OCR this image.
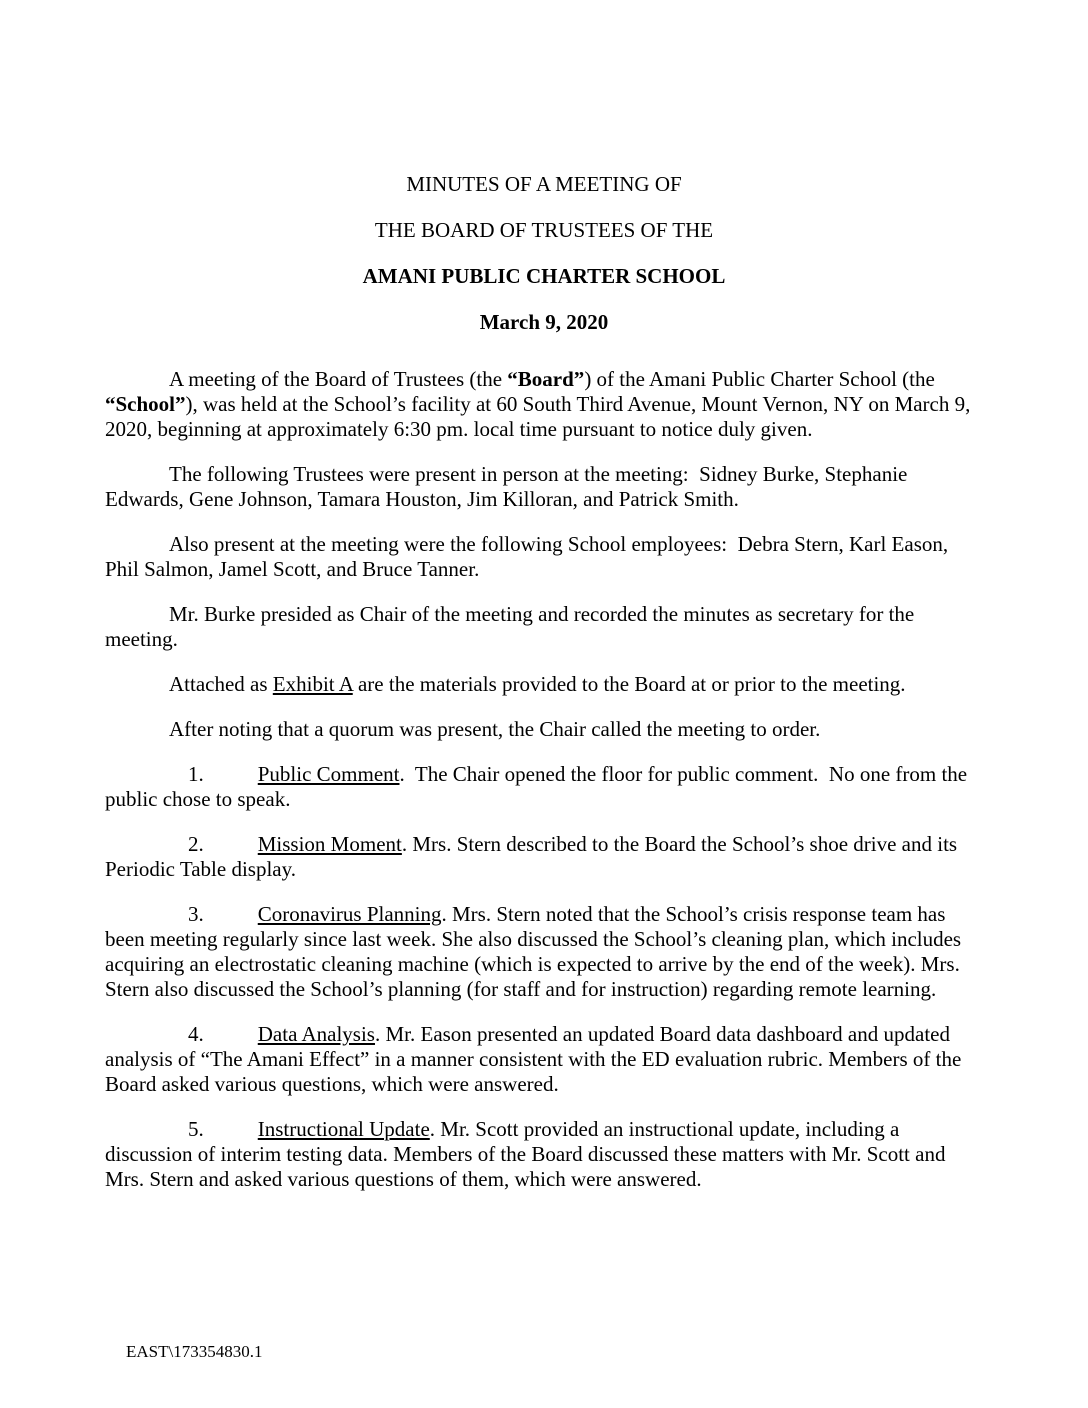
MINUTES OF A MEETING OF

THE BOARD OF TRUSTEES OF THE

AMANI PUBLIC CHARTER SCHOOL

March 9, 2020

A meeting of the Board of Trustees (the “Board”) of the Amani Public Charter School (the “School”), was held at the School’s facility at 60 South Third Avenue, Mount Vernon, NY on March 9, 2020, beginning at approximately 6:30 pm. local time pursuant to notice duly given.

The following Trustees were present in person at the meeting:  Sidney Burke, Stephanie Edwards, Gene Johnson, Tamara Houston, Jim Killoran, and Patrick Smith.

Also present at the meeting were the following School employees:  Debra Stern, Karl Eason, Phil Salmon, Jamel Scott, and Bruce Tanner.

Mr. Burke presided as Chair of the meeting and recorded the minutes as secretary for the meeting.

Attached as Exhibit A are the materials provided to the Board at or prior to the meeting.

After noting that a quorum was present, the Chair called the meeting to order.

1.	Public Comment.  The Chair opened the floor for public comment.  No one from the public chose to speak.

2.	Mission Moment. Mrs. Stern described to the Board the School’s shoe drive and its Periodic Table display.

3.	Coronavirus Planning. Mrs. Stern noted that the School’s crisis response team has been meeting regularly since last week. She also discussed the School’s cleaning plan, which includes acquiring an electrostatic cleaning machine (which is expected to arrive by the end of the week). Mrs. Stern also discussed the School’s planning (for staff and for instruction) regarding remote learning.

4.	Data Analysis. Mr. Eason presented an updated Board data dashboard and updated analysis of “The Amani Effect” in a manner consistent with the ED evaluation rubric. Members of the Board asked various questions, which were answered.

5.	Instructional Update. Mr. Scott provided an instructional update, including a discussion of interim testing data. Members of the Board discussed these matters with Mr. Scott and Mrs. Stern and asked various questions of them, which were answered.

EAST\173354830.1
